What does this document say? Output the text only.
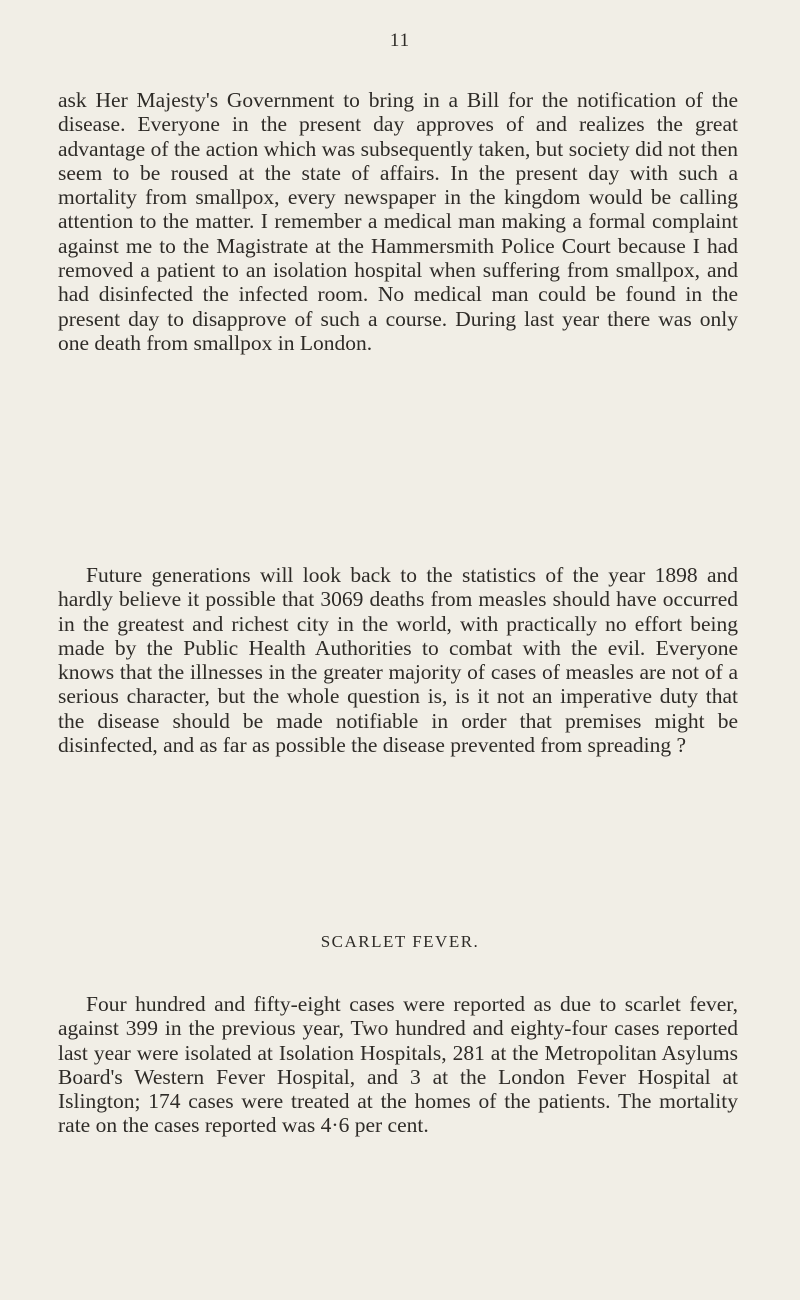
11

ask Her Majesty's Government to bring in a Bill for the notification of the disease. Everyone in the present day approves of and realizes the great advantage of the action which was subsequently taken, but society did not then seem to be roused at the state of affairs. In the present day with such a mortality from smallpox, every newspaper in the kingdom would be calling attention to the matter. I remember a medical man making a formal complaint against me to the Magistrate at the Hammersmith Police Court because I had removed a patient to an isolation hospital when suffering from smallpox, and had disinfected the infected room. No medical man could be found in the present day to disapprove of such a course. During last year there was only one death from smallpox in London.

Future generations will look back to the statistics of the year 1898 and hardly believe it possible that 3069 deaths from measles should have occurred in the greatest and richest city in the world, with practically no effort being made by the Public Health Authorities to combat with the evil. Everyone knows that the illnesses in the greater majority of cases of measles are not of a serious character, but the whole question is, is it not an imperative duty that the disease should be made notifiable in order that premises might be disinfected, and as far as possible the disease prevented from spreading ?

SCARLET FEVER.

Four hundred and fifty-eight cases were reported as due to scarlet fever, against 399 in the previous year, Two hundred and eighty-four cases reported last year were isolated at Isolation Hospitals, 281 at the Metropolitan Asylums Board's Western Fever Hospital, and 3 at the London Fever Hospital at Islington; 174 cases were treated at the homes of the patients. The mortality rate on the cases reported was 4·6 per cent.
